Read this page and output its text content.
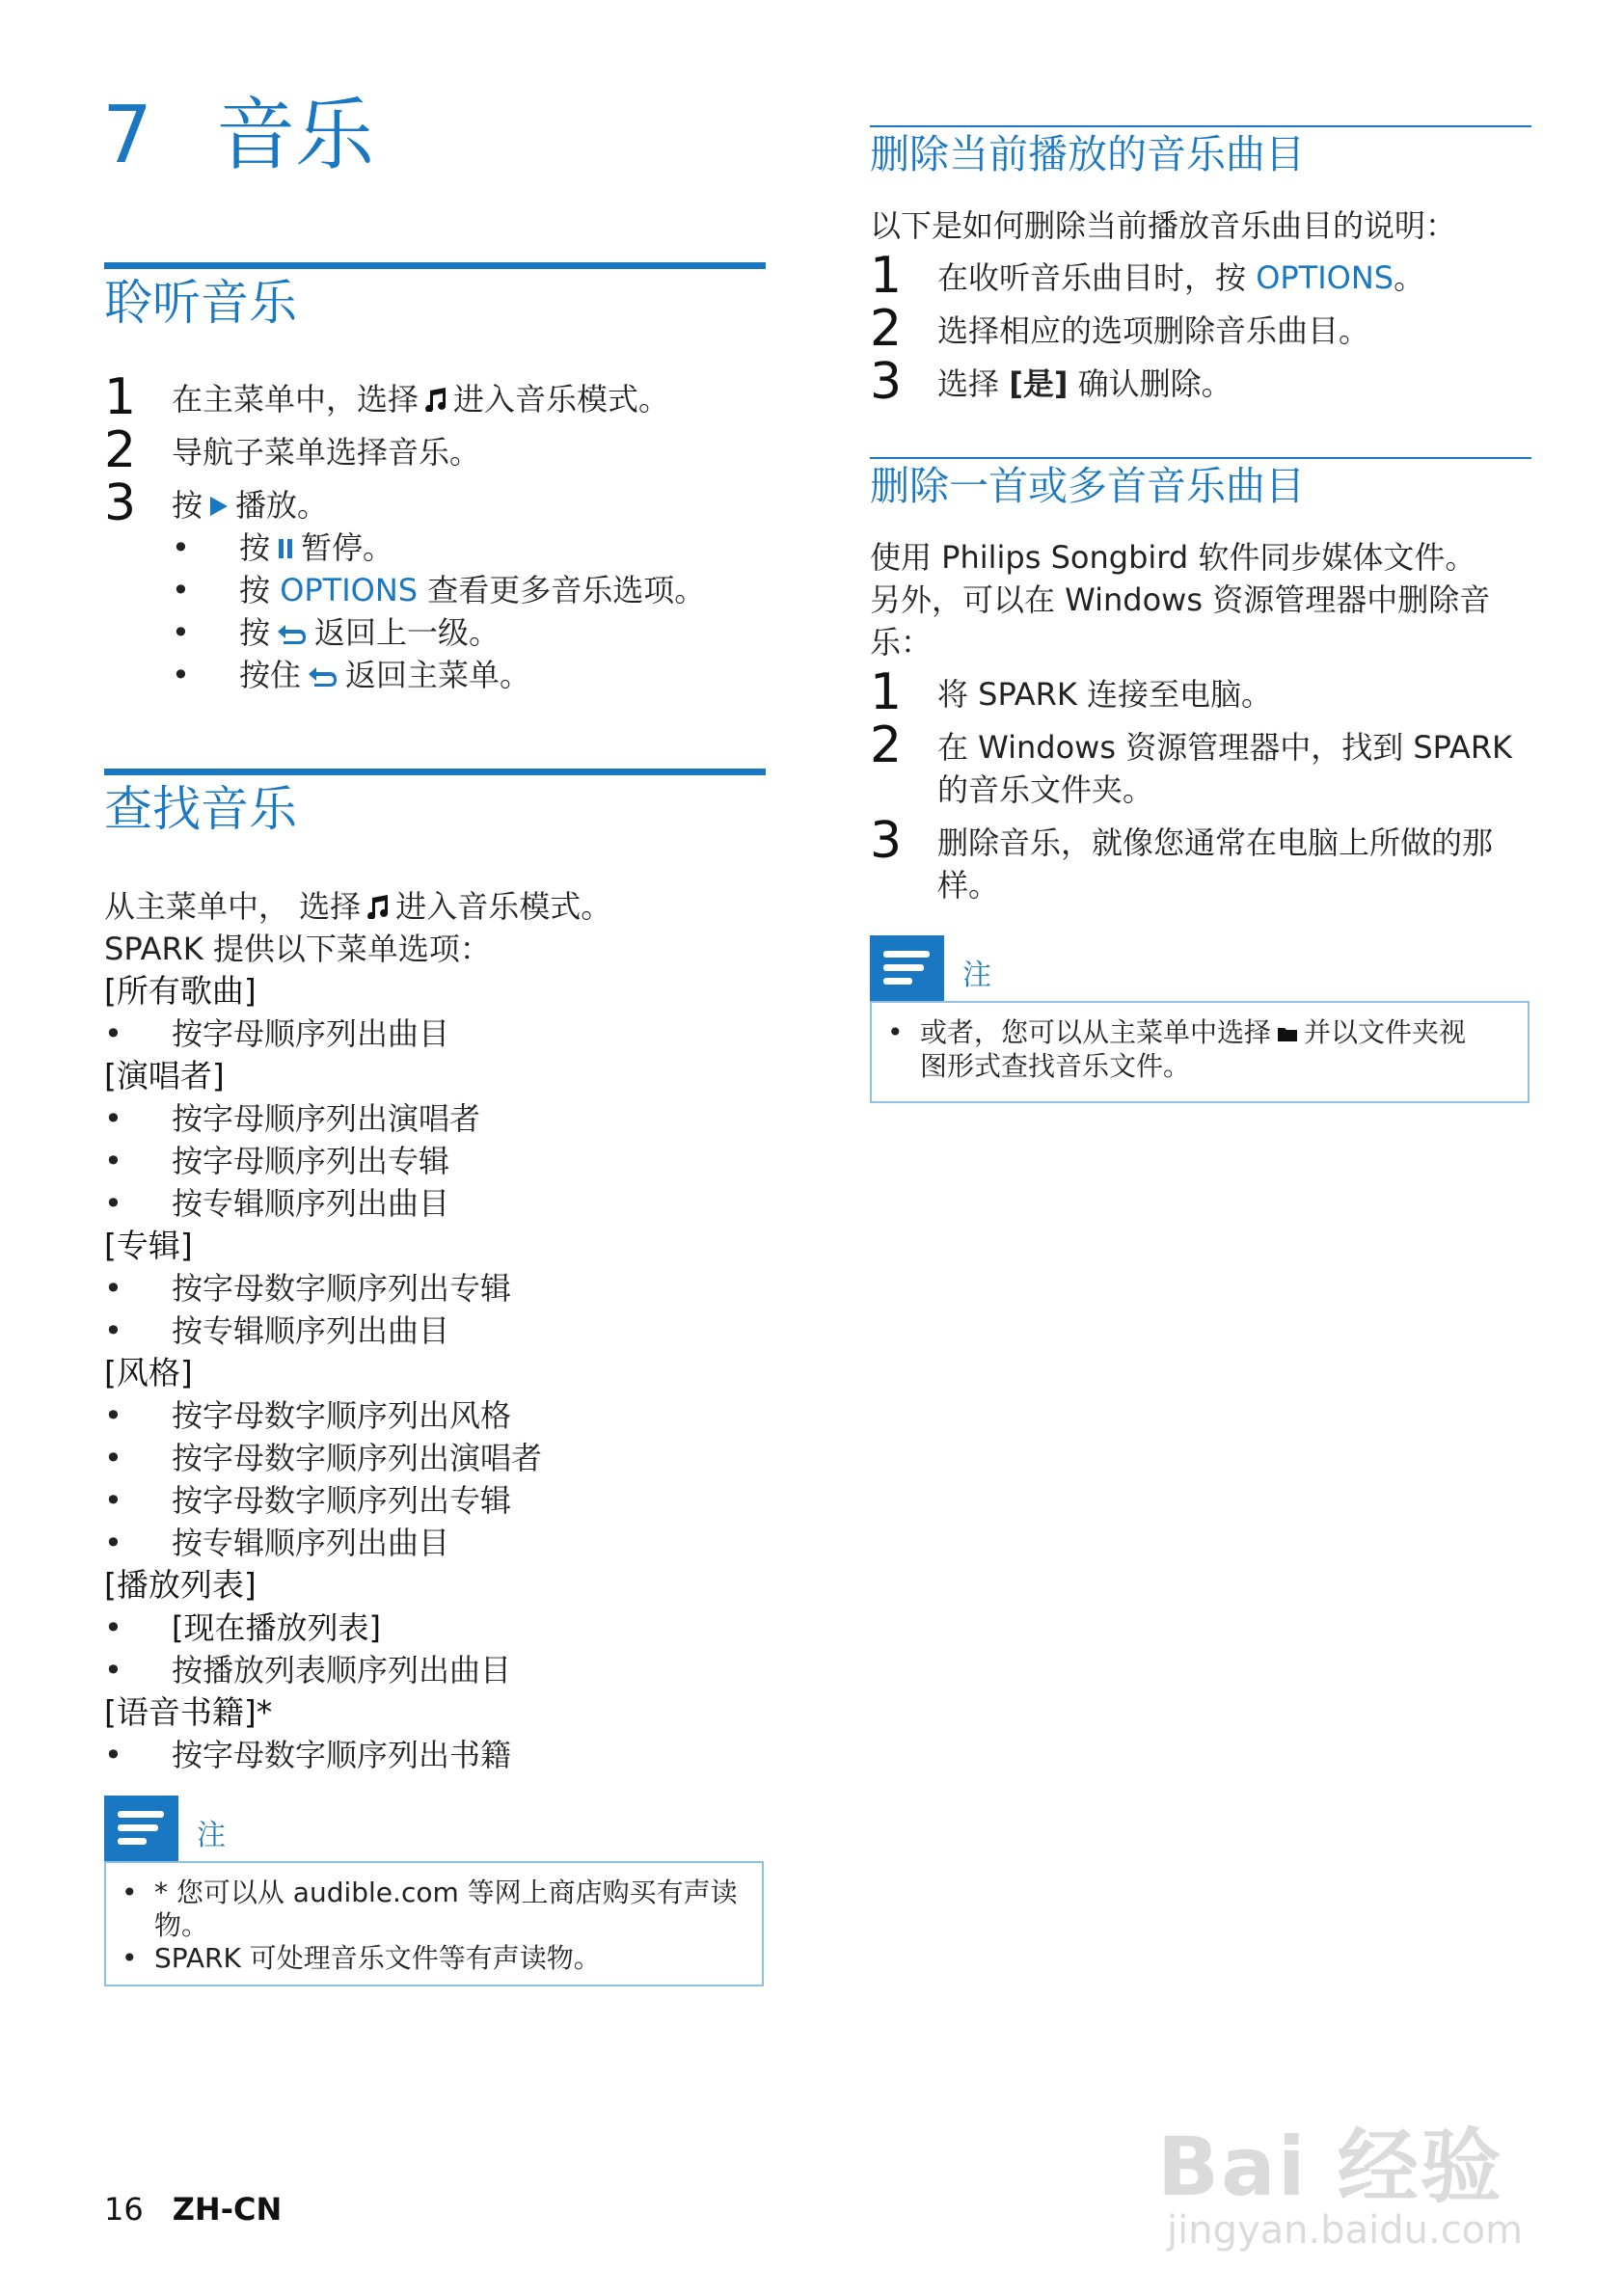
7 音乐
聆听音乐
1 在主菜单中，选择 进入音乐模式。
2 导航子菜单选择音乐。
3 按 播放。
• 按 暂停。
• 按 OPTIONS 查看更多音乐选项。
• 按 返回上一级。
• 按住 返回主菜单。
查找音乐
从主菜单中， 选择 进入音乐模式。
SPARK 提供以下菜单选项：
[所有歌曲]
• 按字母顺序列出曲目
[演唱者]
• 按字母顺序列出演唱者
• 按字母顺序列出专辑
• 按专辑顺序列出曲目
[专辑]
• 按字母数字顺序列出专辑
• 按专辑顺序列出曲目
[风格]
• 按字母数字顺序列出风格
• 按字母数字顺序列出演唱者
• 按字母数字顺序列出专辑
• 按专辑顺序列出曲目
[播放列表]
• [现在播放列表]
• 按播放列表顺序列出曲目
[语音书籍]*
• 按字母数字顺序列出书籍
注
• * 您可以从 audible.com 等网上商店购买有声读物。
• SPARK 可处理音乐文件等有声读物。
删除当前播放的音乐曲目
以下是如何删除当前播放音乐曲目的说明：
1 在收听音乐曲目时，按 OPTIONS。
2 选择相应的选项删除音乐曲目。
3 选择 [是] 确认删除。
删除一首或多首音乐曲目
使用 Philips Songbird 软件同步媒体文件。
另外，可以在 Windows 资源管理器中删除音
乐：
1 将 SPARK 连接至电脑。
2 在 Windows 资源管理器中，找到 SPARK
的音乐文件夹。
3 删除音乐，就像您通常在电脑上所做的那
样。
注
• 或者，您可以从主菜单中选择 并以文件夹视
图形式查找音乐文件。
16 ZH-CN	Bai 经验
jingyan.baidu.com
